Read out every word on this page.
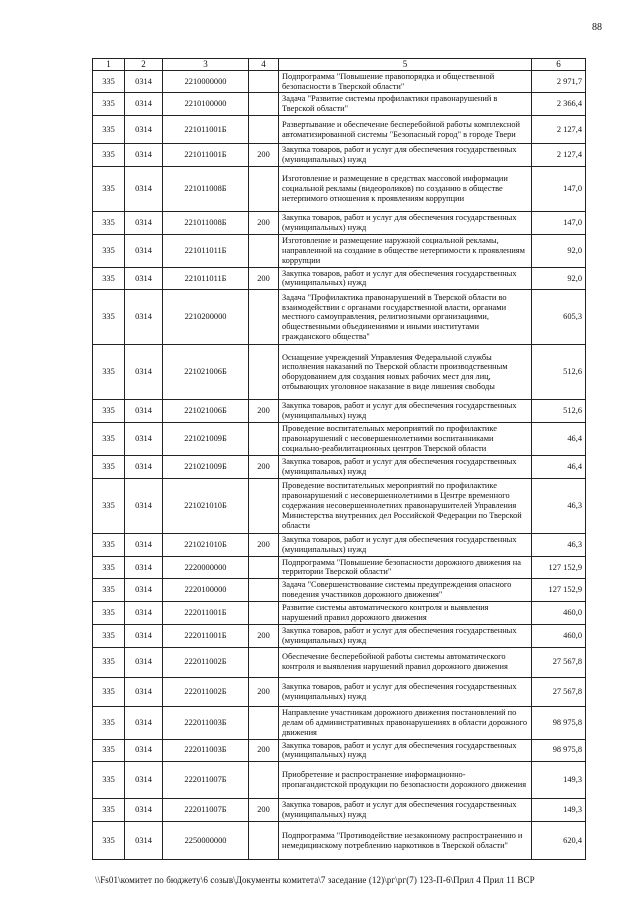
88
1	2	3	4	5	6
335	0314	2210000000		Подпрограмма "Повышение правопорядка и общественной безопасности в Тверской области"	2 971,7
335	0314	2210100000		Задача "Развитие системы профилактики правонарушений в Тверской области"	2 366,4
335	0314	221011001Б		Развертывание и обеспечение бесперебойной работы комплексной автоматизированной системы "Безопасный город" в городе Твери	2 127,4
335	0314	221011001Б	200	Закупка товаров, работ и услуг для обеспечения государственных (муниципальных) нужд	2 127,4
335	0314	221011008Б		Изготовление и размещение в средствах массовой информации социальной рекламы (видеороликов) по созданию в обществе нетерпимого отношения к проявлениям коррупции	147,0
335	0314	221011008Б	200	Закупка товаров, работ и услуг для обеспечения государственных (муниципальных) нужд	147,0
335	0314	221011011Б		Изготовление и размещение наружной социальной рекламы, направленной на создание в обществе нетерпимости к проявлениям коррупции	92,0
335	0314	221011011Б	200	Закупка товаров, работ и услуг для обеспечения государственных (муниципальных) нужд	92,0
335	0314	2210200000		Задача "Профилактика правонарушений в Тверской области во взаимодействии с органами государственной власти, органами местного самоуправления, религиозными организациями, общественными объединениями и иными институтами гражданского общества"	605,3
335	0314	221021006Б		Оснащение учреждений Управления Федеральной службы исполнения наказаний по Тверской области производственным оборудованием для создания новых рабочих мест для лиц, отбывающих уголовное наказание в виде лишения свободы	512,6
335	0314	221021006Б	200	Закупка товаров, работ и услуг для обеспечения государственных (муниципальных) нужд	512,6
335	0314	221021009Б		Проведение воспитательных мероприятий по профилактике правонарушений с несовершеннолетними воспитанниками социально-реабилитационных центров Тверской области	46,4
335	0314	221021009Б	200	Закупка товаров, работ и услуг для обеспечения государственных (муниципальных) нужд	46,4
335	0314	221021010Б		Проведение воспитательных мероприятий по профилактике правонарушений с несовершеннолетними в Центре временного содержания несовершеннолетних правонарушителей Управления Министерства внутренних дел Российской Федерации по Тверской области	46,3
335	0314	221021010Б	200	Закупка товаров, работ и услуг для обеспечения государственных (муниципальных) нужд	46,3
335	0314	2220000000		Подпрограмма "Повышение безопасности дорожного движения на территории Тверской области"	127 152,9
335	0314	2220100000		Задача "Совершенствование системы предупреждения опасного поведения участников дорожного движения"	127 152,9
335	0314	222011001Б		Развитие системы автоматического контроля и выявления нарушений правил дорожного движения	460,0
335	0314	222011001Б	200	Закупка товаров, работ и услуг для обеспечения государственных (муниципальных) нужд	460,0
335	0314	222011002Б		Обеспечение бесперебойной работы системы автоматического контроля и выявления нарушений правил дорожного движения	27 567,8
335	0314	222011002Б	200	Закупка товаров, работ и услуг для обеспечения государственных (муниципальных) нужд	27 567,8
335	0314	222011003Б		Направление участникам дорожного движения постановлений по делам об административных правонарушениях в области дорожного движения	98 975,8
335	0314	222011003Б	200	Закупка товаров, работ и услуг для обеспечения государственных (муниципальных) нужд	98 975,8
335	0314	222011007Б		Приобретение и распространение информационно-пропагандистской продукции по безопасности дорожного движения	149,3
335	0314	222011007Б	200	Закупка товаров, работ и услуг для обеспечения государственных (муниципальных) нужд	149,3
335	0314	2250000000		Подпрограмма "Противодействие незаконному распространению и немедицинскому потреблению наркотиков в Тверской области"	620,4
\\Fs01\комитет по бюджету\6 созыв\Документы комитета\7 заседание (12)\рг\рг(7) 123-П-6\Прил 4 Прил 11 ВСР
